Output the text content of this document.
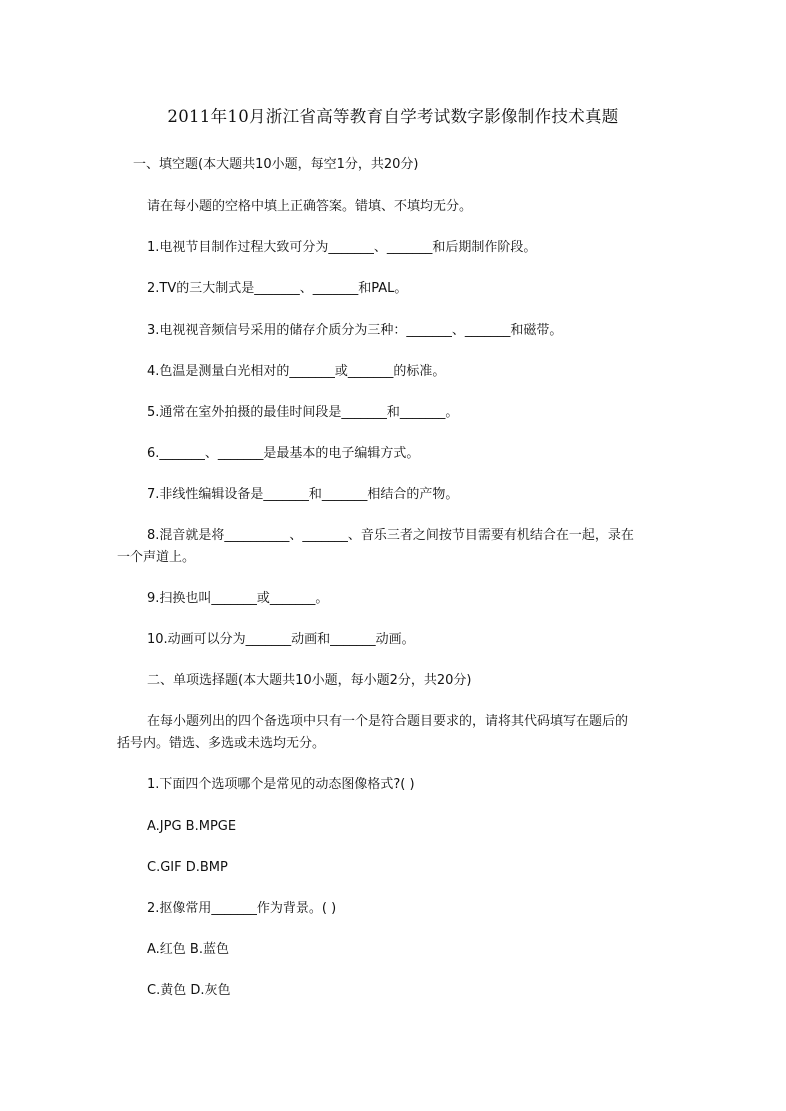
2011年10月浙江省高等教育自学考试数字影像制作技术真题
一、填空题(本大题共10小题，每空1分，共20分)
请在每小题的空格中填上正确答案。错填、不填均无分。
1.电视节目制作过程大致可分为_______、_______和后期制作阶段。
2.TV的三大制式是_______、_______和PAL。
3.电视视音频信号采用的储存介质分为三种：_______、_______和磁带。
4.色温是测量白光相对的_______或_______的标准。
5.通常在室外拍摄的最佳时间段是_______和_______。
6._______、_______是最基本的电子编辑方式。
7.非线性编辑设备是_______和_______相结合的产物。
8.混音就是将__________、_______、音乐三者之间按节目需要有机结合在一起，录在
一个声道上。
9.扫换也叫_______或_______。
10.动画可以分为_______动画和_______动画。
二、单项选择题(本大题共10小题，每小题2分，共20分)
在每小题列出的四个备选项中只有一个是符合题目要求的，请将其代码填写在题后的
括号内。错选、多选或未选均无分。
1.下面四个选项哪个是常见的动态图像格式?( )
A.JPG B.MPGE
C.GIF D.BMP
2.抠像常用_______作为背景。( )
A.红色 B.蓝色
C.黄色 D.灰色
